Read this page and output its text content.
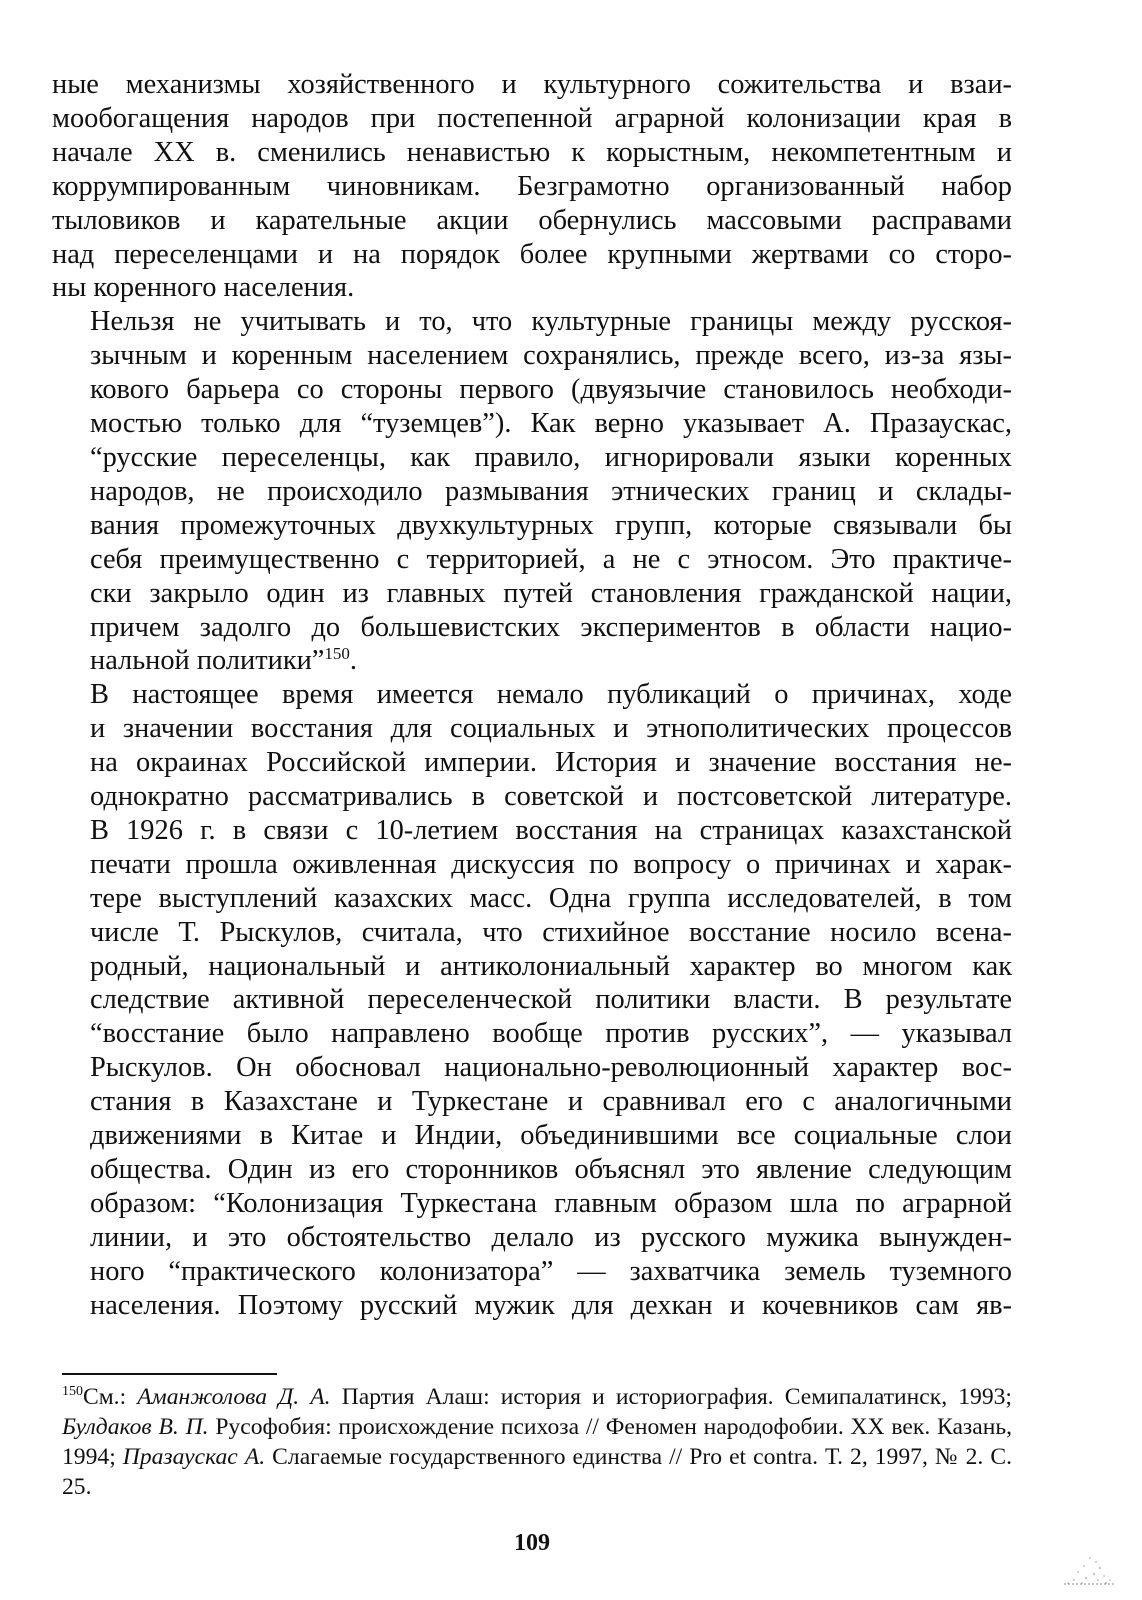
ные механизмы хозяйственного и культурного сожительства и взаи-
мообогащения народов при постепенной аграрной колонизации края в
начале XX в. сменились ненавистью к корыстным, некомпетентным и
коррумпированным чиновникам. Безграмотно организованный набор
тыловиков и карательные акции обернулись массовыми расправами
над переселенцами и на порядок более крупными жертвами со сторо-
ны коренного населения.
Нельзя не учитывать и то, что культурные границы между русскоя-
зычным и коренным населением сохранялись, прежде всего, из-за язы-
кового барьера со стороны первого (двуязычие становилось необходи-
мостью только для “туземцев”). Как верно указывает А. Празаускас,
“русские переселенцы, как правило, игнорировали языки коренных
народов, не происходило размывания этнических границ и склады-
вания промежуточных двухкультурных групп, которые связывали бы
себя преимущественно с территорией, а не с этносом. Это практиче-
ски закрыло один из главных путей становления гражданской нации,
причем задолго до большевистских экспериментов в области нацио-
нальной политики”$^{150}$.
В настоящее время имеется немало публикаций о причинах, ходе
и значении восстания для социальных и этнополитических процессов
на окраинах Российской империи. История и значение восстания не-
однократно рассматривались в советской и постсоветской литературе.
В 1926 г. в связи с 10-летием восстания на страницах казахстанской
печати прошла оживленная дискуссия по вопросу о причинах и харак-
тере выступлений казахских масс. Одна группа исследователей, в том
числе Т. Рыскулов, считала, что стихийное восстание носило всена-
родный, национальный и антиколониальный характер во многом как
следствие активной переселенческой политики власти. В результате
“восстание было направлено вообще против русских”, — указывал
Рыскулов. Он обосновал национально-революционный характер вос-
стания в Казахстане и Туркестане и сравнивал его с аналогичными
движениями в Китае и Индии, объединившими все социальные слои
общества. Один из его сторонников объяснял это явление следующим
образом: “Колонизация Туркестана главным образом шла по аграрной
линии, и это обстоятельство делало из русского мужика вынужден-
ного “практического колонизатора” — захватчика земель туземного
населения. Поэтому русский мужик для дехкан и кочевников сам яв-
$^{150}$См.: Аманжолова Д. А. Партия Алаш: история и историография. Семипалатинск, 1993; Булдаков В. П. Русофобия: происхождение психоза // Феномен народофобии. XX век. Казань, 1994; Празаускас А. Слагаемые государственного единства // Pro et contra. Т. 2, 1997, № 2. С. 25.
109
